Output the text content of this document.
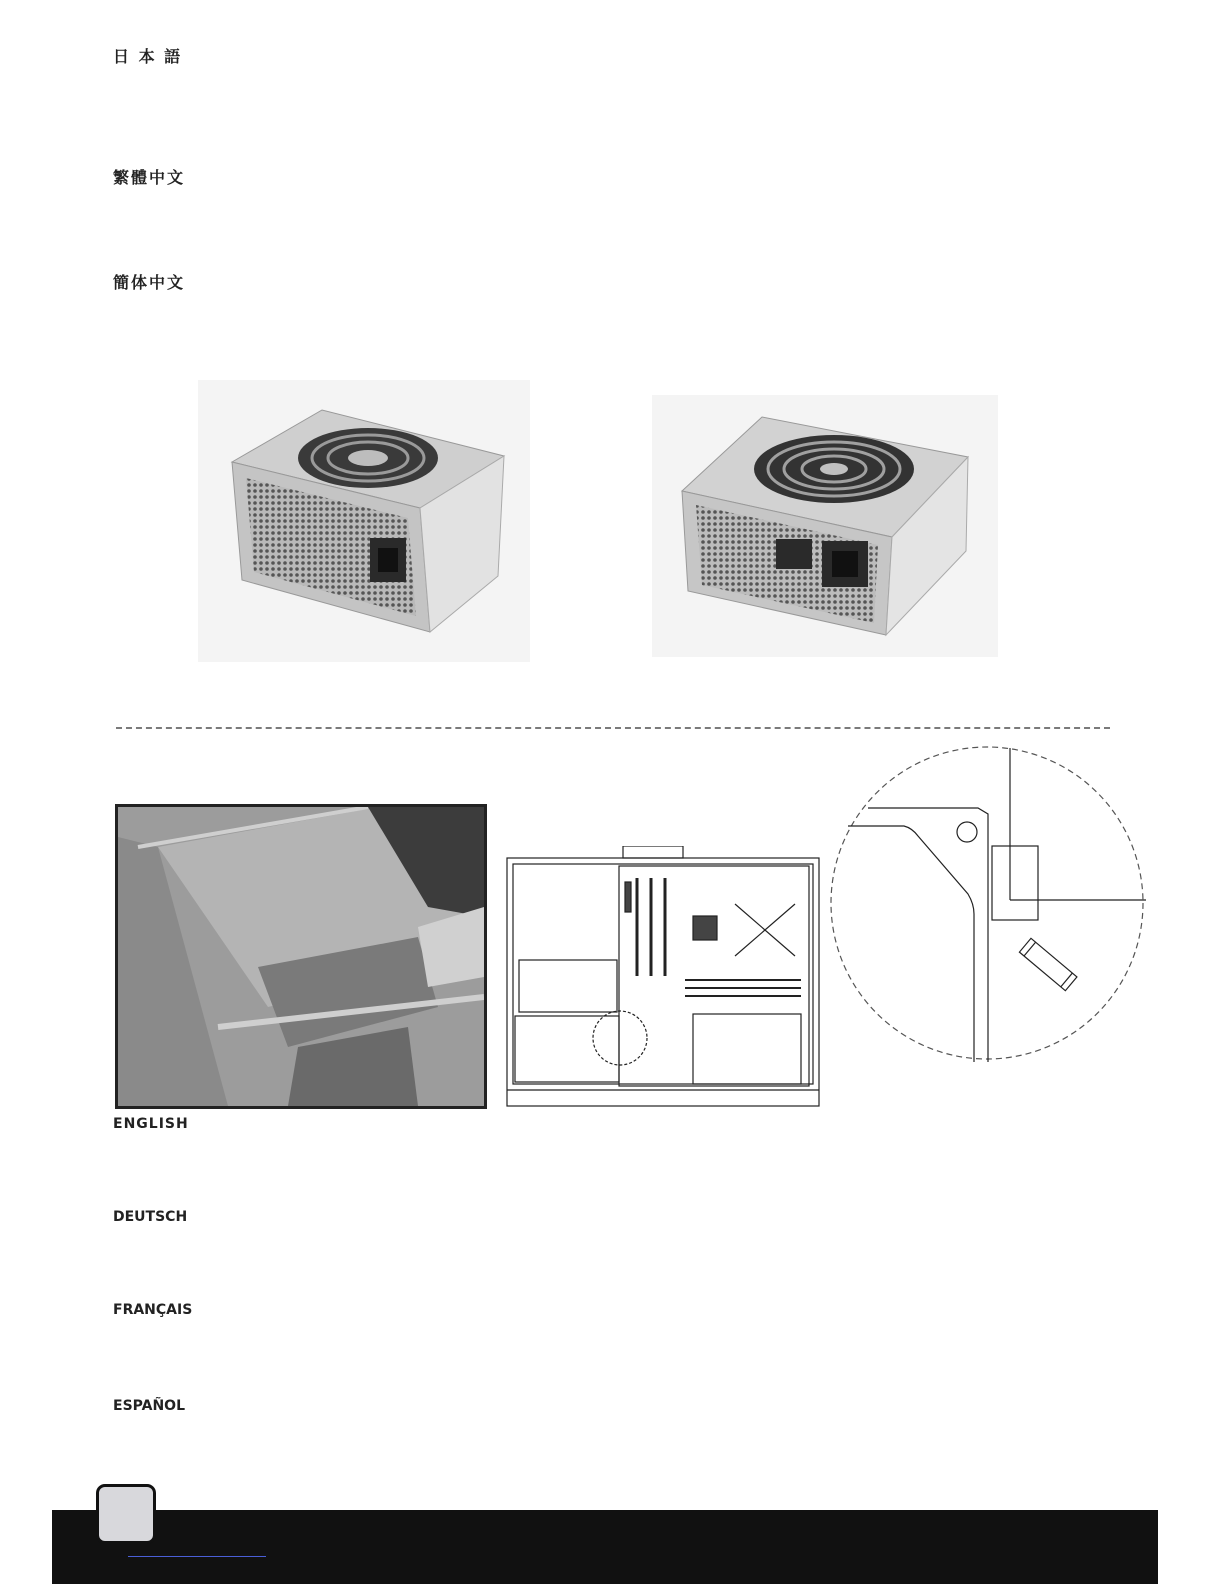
日 本 語
繁體中文
簡体中文
ENGLISH
DEUTSCH
FRANÇAIS
ESPAÑOL
